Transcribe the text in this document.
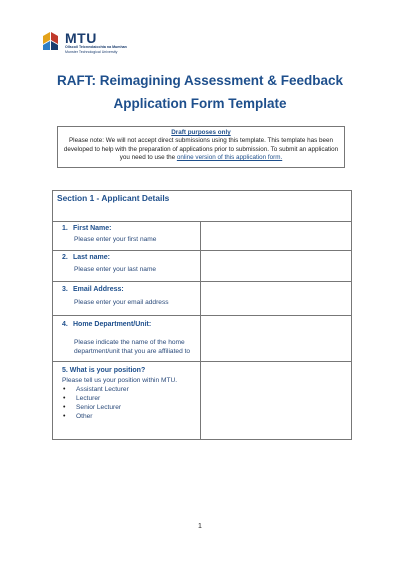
MTU
Ollscoil Teicneolaíochta na Mumhan
Munster Technological University
RAFT: Reimagining Assessment & Feedback
Application Form Template
Draft purposes only
Please note: We will not accept direct submissions using this template. This template has been developed to help with the preparation of applications prior to submission. To submit an application you need to use the online version of this application form.
Section 1 - Applicant Details
1. First Name:
Please enter your first name
2. Last name:
Please enter your last name
3. Email Address:
Please enter your email address
4. Home Department/Unit:
Please indicate the name of the home department/unit that you are affiliated to
5. What is your position?
Please tell us your position within MTU.
• Assistant Lecturer
• Lecturer
• Senior Lecturer
• Other
1
